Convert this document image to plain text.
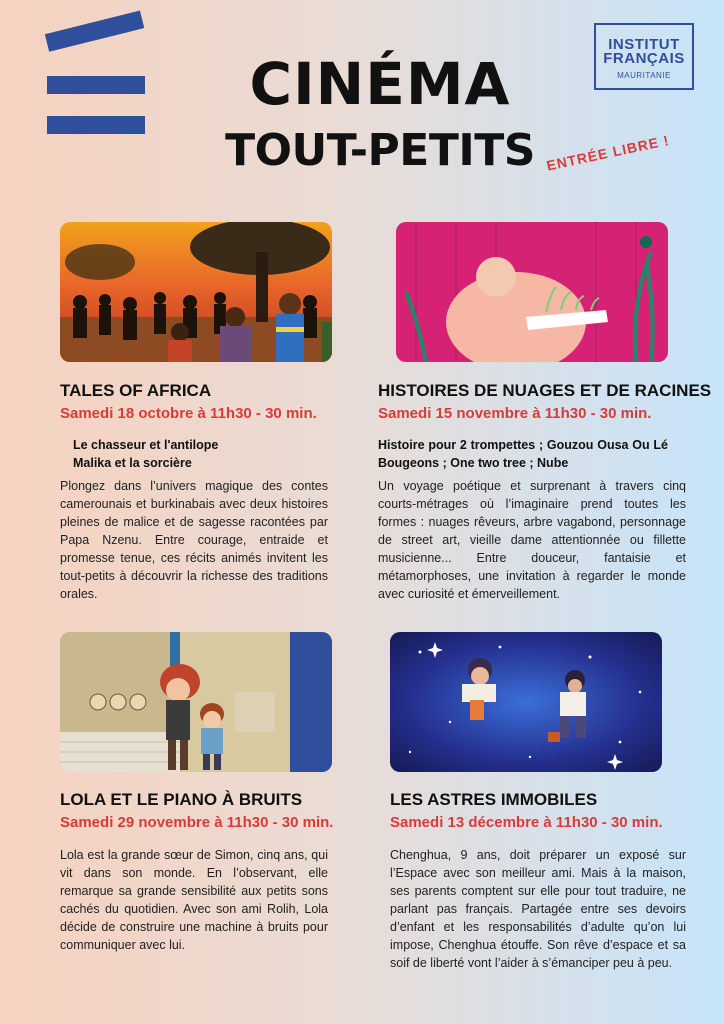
CINÉMA
TOUT-PETITS ENTRÉE LIBRE !
INSTITUT
FRANÇAIS
MAURITANIE
TALES OF AFRICA
Samedi 18 octobre à 11h30 - 30 min.
Le chasseur et l'antilope
Malika et la sorcière
Plongez dans l’univers magique des contes camerounais et burkinabais avec deux histoires pleines de malice et de sagesse racontées par Papa Nzenu. Entre courage, entraide et promesse tenue, ces récits animés invitent les tout-petits à découvrir la richesse des traditions orales.
HISTOIRES DE NUAGES ET DE RACINES
Samedi 15 novembre à 11h30 - 30 min.
Histoire pour 2 trompettes ; Gouzou Ousa Ou Lé Bougeons ; One two tree ; Nube
Un voyage poétique et surprenant à travers cinq courts-métrages où l’imaginaire prend toutes les formes : nuages rêveurs, arbre vagabond, personnage de street art, vieille dame attentionnée ou fillette musicienne... Entre douceur, fantaisie et métamorphoses, une invitation à regarder le monde avec curiosité et émerveillement.
LOLA ET LE PIANO À BRUITS
Samedi 29 novembre à 11h30 - 30 min.
Lola est la grande sœur de Simon, cinq ans, qui vit dans son monde. En l’observant, elle remarque sa grande sensibilité aux petits sons cachés du quotidien. Avec son ami Rolih, Lola décide de construire une machine à bruits pour communiquer avec lui.
LES ASTRES IMMOBILES
Samedi 13 décembre à 11h30 - 30 min.
Chenghua, 9 ans, doit préparer un exposé sur l’Espace avec son meilleur ami. Mais à la maison, ses parents comptent sur elle pour tout traduire, ne parlant pas français. Partagée entre ses devoirs d’enfant et les responsabilités d’adulte qu’on lui impose, Chenghua étouffe. Son rêve d’espace et sa soif de liberté vont l’aider à s’émanciper peu à peu.
